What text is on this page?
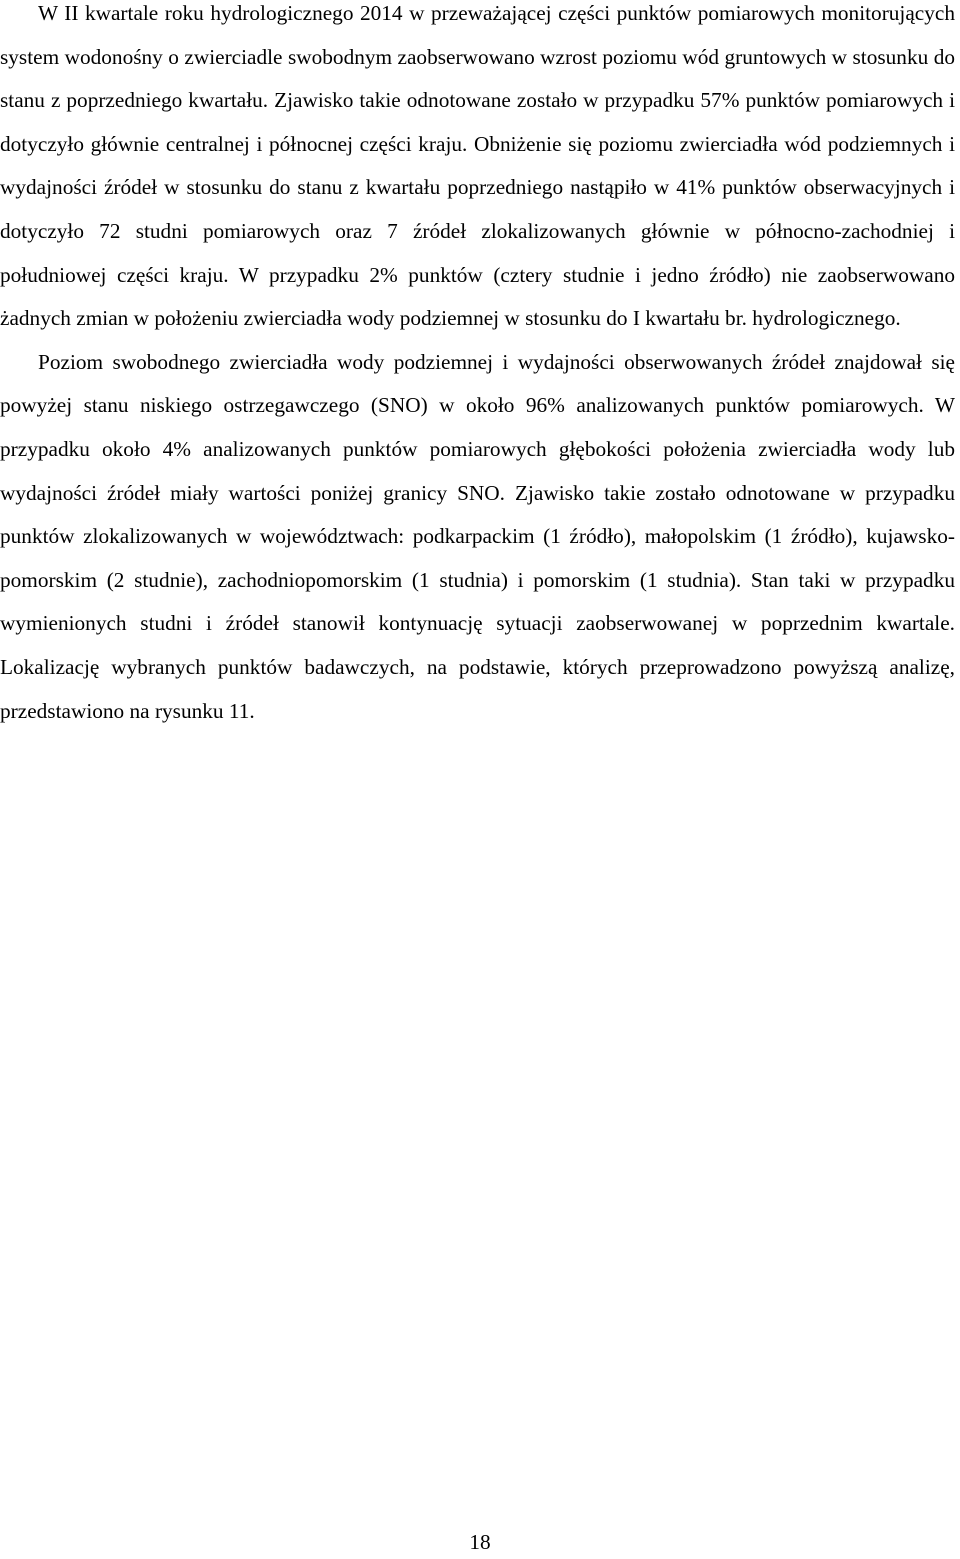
W II kwartale roku hydrologicznego 2014 w przeważającej części punktów pomiarowych monitorujących system wodonośny o zwierciadle swobodnym zaobserwowano wzrost poziomu wód gruntowych w stosunku do stanu z poprzedniego kwartału. Zjawisko takie odnotowane zostało w przypadku 57% punktów pomiarowych i dotyczyło głównie centralnej i północnej części kraju. Obniżenie się poziomu zwierciadła wód podziemnych i wydajności źródeł w stosunku do stanu z kwartału poprzedniego nastąpiło w 41% punktów obserwacyjnych i dotyczyło 72 studni pomiarowych oraz 7 źródeł zlokalizowanych głównie w północno-zachodniej i południowej części kraju. W przypadku 2% punktów (cztery studnie i jedno źródło) nie zaobserwowano żadnych zmian w położeniu zwierciadła wody podziemnej w stosunku do I kwartału br. hydrologicznego.

Poziom swobodnego zwierciadła wody podziemnej i wydajności obserwowanych źródeł znajdował się powyżej stanu niskiego ostrzegawczego (SNO) w około 96% analizowanych punktów pomiarowych. W przypadku około 4% analizowanych punktów pomiarowych głębokości położenia zwierciadła wody lub wydajności źródeł miały wartości poniżej granicy SNO. Zjawisko takie zostało odnotowane w przypadku punktów zlokalizowanych w województwach: podkarpackim (1 źródło), małopolskim (1 źródło), kujawsko-pomorskim (2 studnie), zachodniopomorskim (1 studnia) i pomorskim (1 studnia). Stan taki w przypadku wymienionych studni i źródeł stanowił kontynuację sytuacji zaobserwowanej w poprzednim kwartale. Lokalizację wybranych punktów badawczych, na podstawie, których przeprowadzono powyższą analizę, przedstawiono na rysunku 11.

18
